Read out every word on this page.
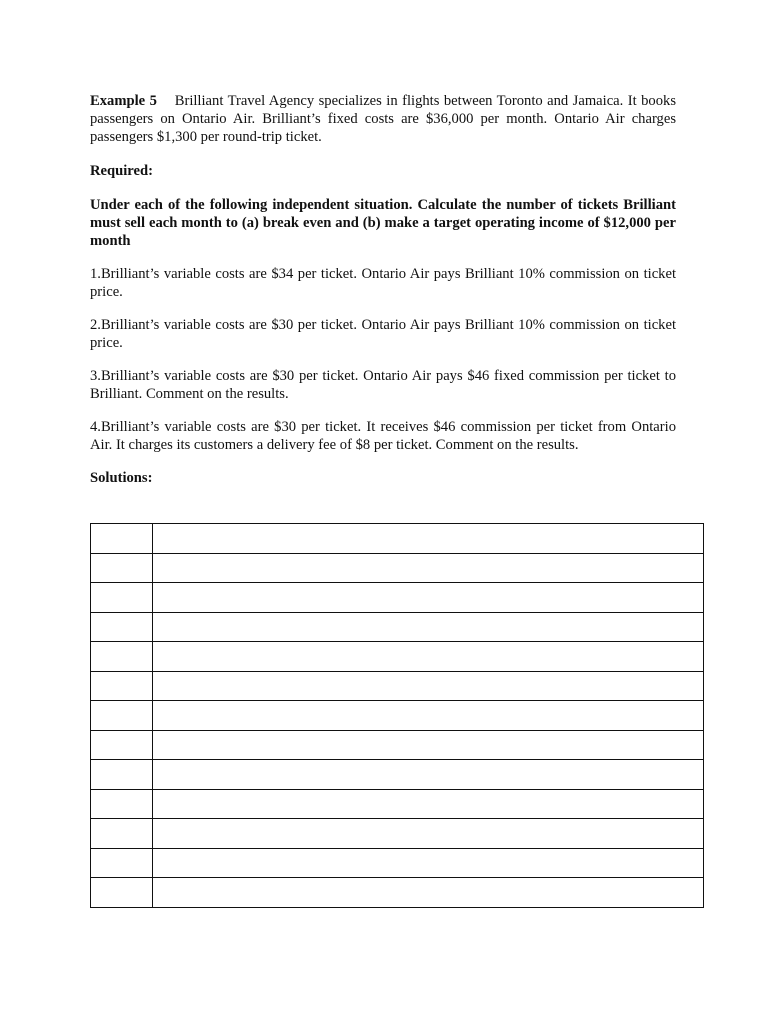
Example 5 Brilliant Travel Agency specializes in flights between Toronto and Jamaica. It books passengers on Ontario Air. Brilliant’s fixed costs are $36,000 per month. Ontario Air charges passengers $1,300 per round-trip ticket.

Required:

Under each of the following independent situation. Calculate the number of tickets Brilliant must sell each month to (a) break even and (b) make a target operating income of $12,000 per month

1.Brilliant’s variable costs are $34 per ticket. Ontario Air pays Brilliant 10% commission on ticket price.

2.Brilliant’s variable costs are $30 per ticket. Ontario Air pays Brilliant 10% commission on ticket price.

3.Brilliant’s variable costs are $30 per ticket. Ontario Air pays $46 fixed commission per ticket to Brilliant. Comment on the results.

4.Brilliant’s variable costs are $30 per ticket. It receives $46 commission per ticket from Ontario Air. It charges its customers a delivery fee of $8 per ticket. Comment on the results.

Solutions:
